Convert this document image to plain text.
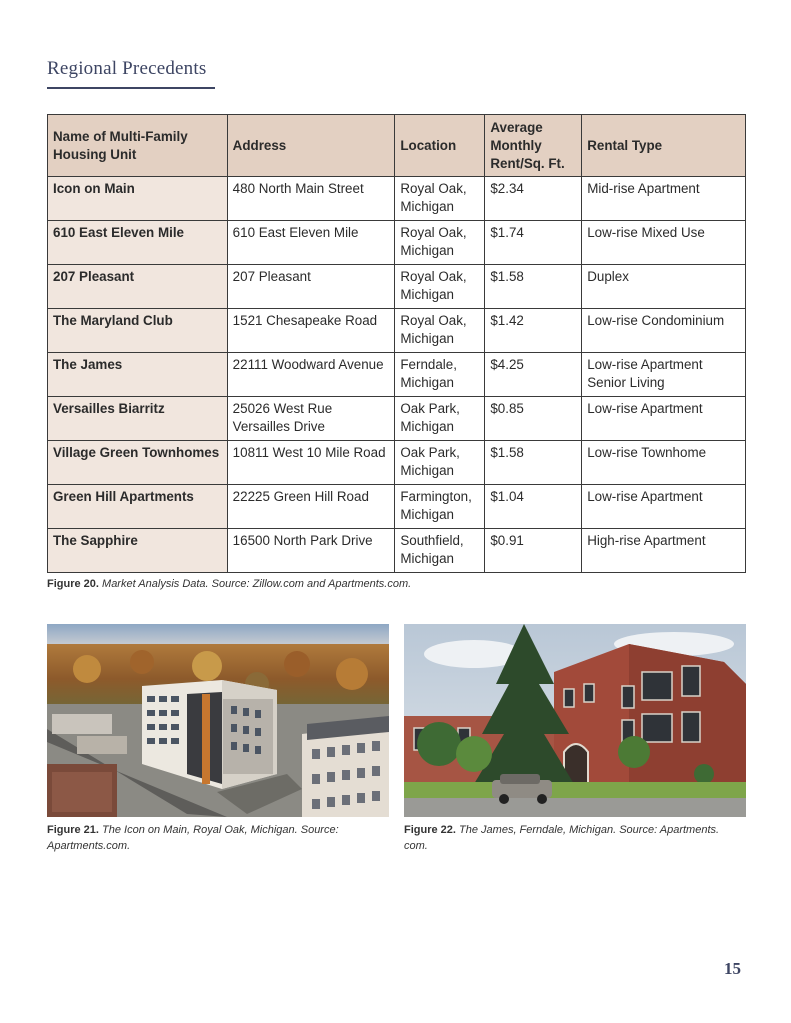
Regional Precedents
Name of Multi-Family Housing Unit	Address	Location	Average Monthly Rent/Sq. Ft.	Rental Type
Icon on Main	480 North Main Street	Royal Oak, Michigan	$2.34	Mid-rise Apartment
610 East Eleven Mile	610 East Eleven Mile	Royal Oak, Michigan	$1.74	Low-rise Mixed Use
207 Pleasant	207 Pleasant	Royal Oak, Michigan	$1.58	Duplex
The Maryland Club	1521 Chesapeake Road	Royal Oak, Michigan	$1.42	Low-rise Condominium
The James	22111 Woodward Avenue	Ferndale, Michigan	$4.25	Low-rise Apartment Senior Living
Versailles Biarritz	25026 West Rue Versailles Drive	Oak Park, Michigan	$0.85	Low-rise Apartment
Village Green Townhomes	10811 West 10 Mile Road	Oak Park, Michigan	$1.58	Low-rise Townhome
Green Hill Apartments	22225 Green Hill Road	Farmington, Michigan	$1.04	Low-rise Apartment
The Sapphire	16500 North Park Drive	Southfield, Michigan	$0.91	High-rise Apartment
Figure 20. Market Analysis Data. Source: Zillow.com and Apartments.com.
Figure 21. The Icon on Main, Royal Oak, Michigan. Source: Apartments.com.
Figure 22. The James, Ferndale, Michigan. Source: Apartments. com.
15
